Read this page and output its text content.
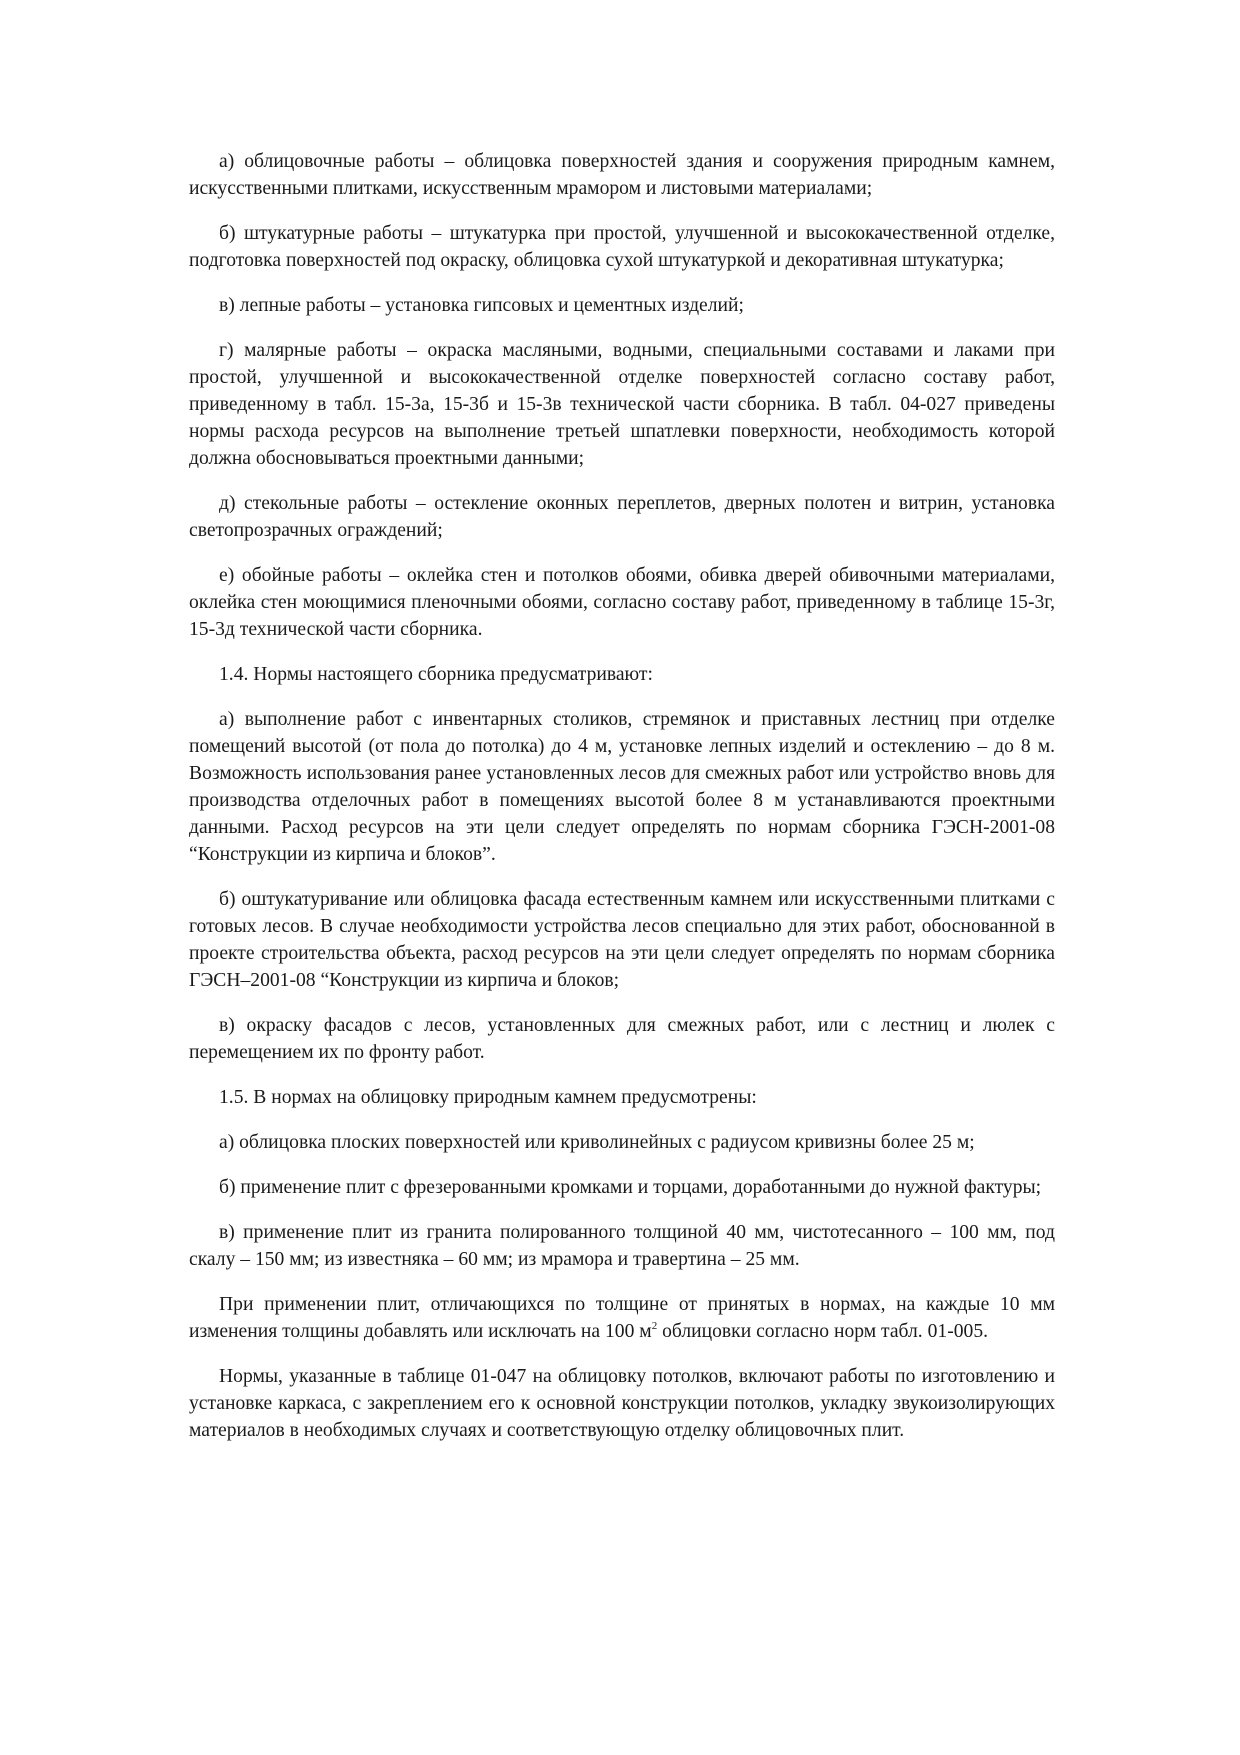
а) облицовочные работы – облицовка поверхностей здания и сооружения природным камнем, искусственными плитками, искусственным мрамором и листовыми материалами;

б) штукатурные работы – штукатурка при простой, улучшенной и высококачественной отделке, подготовка поверхностей под окраску, облицовка сухой штукатуркой и декоративная штукатурка;

в) лепные работы – установка гипсовых и цементных изделий;

г) малярные работы – окраска масляными, водными, специальными составами и лаками при простой, улучшенной и высококачественной отделке поверхностей согласно составу работ, приведенному в табл. 15-3а, 15-3б и 15-3в технической части сборника. В табл. 04-027 приведены нормы расхода ресурсов на выполнение третьей шпатлевки поверхности, необходимость которой должна обосновываться проектными данными;

д) стекольные работы – остекление оконных переплетов, дверных полотен и витрин, установка светопрозрачных ограждений;

е) обойные работы – оклейка стен и потолков обоями, обивка дверей обивочными материалами, оклейка стен моющимися пленочными обоями, согласно составу работ, приведенному в таблице 15-3г, 15-3д технической части сборника.

1.4. Нормы настоящего сборника предусматривают:

а) выполнение работ с инвентарных столиков, стремянок и приставных лестниц при отделке помещений высотой (от пола до потолка) до 4 м, установке лепных изделий и остеклению – до 8 м. Возможность использования ранее установленных лесов для смежных работ или устройство вновь для производства отделочных работ в помещениях высотой более 8 м устанавливаются проектными данными. Расход ресурсов на эти цели следует определять по нормам сборника ГЭСН-2001-08 “Конструкции из кирпича и блоков”.

б) оштукатуривание или облицовка фасада естественным камнем или искусственными плитками с готовых лесов. В случае необходимости устройства лесов специально для этих работ, обоснованной в проекте строительства объекта, расход ресурсов на эти цели следует определять по нормам сборника ГЭСН–2001-08 “Конструкции из кирпича и блоков;

в) окраску фасадов с лесов, установленных для смежных работ, или с лестниц и люлек с перемещением их по фронту работ.

1.5. В нормах на облицовку природным камнем предусмотрены:

а) облицовка плоских поверхностей или криволинейных с радиусом кривизны более 25 м;

б) применение плит с фрезерованными кромками и торцами, доработанными до нужной фактуры;

в) применение плит из гранита полированного толщиной 40 мм, чистотесанного – 100 мм, под скалу – 150 мм; из известняка – 60 мм; из мрамора и травертина – 25 мм.

При применении плит, отличающихся по толщине от принятых в нормах, на каждые 10 мм изменения толщины добавлять или исключать на 100 $м^2$ облицовки согласно норм табл. 01-005.

Нормы, указанные в таблице 01-047 на облицовку потолков, включают работы по изготовлению и установке каркаса, с закреплением его к основной конструкции потолков, укладку звукоизолирующих материалов в необходимых случаях и соответствующую отделку облицовочных плит.
